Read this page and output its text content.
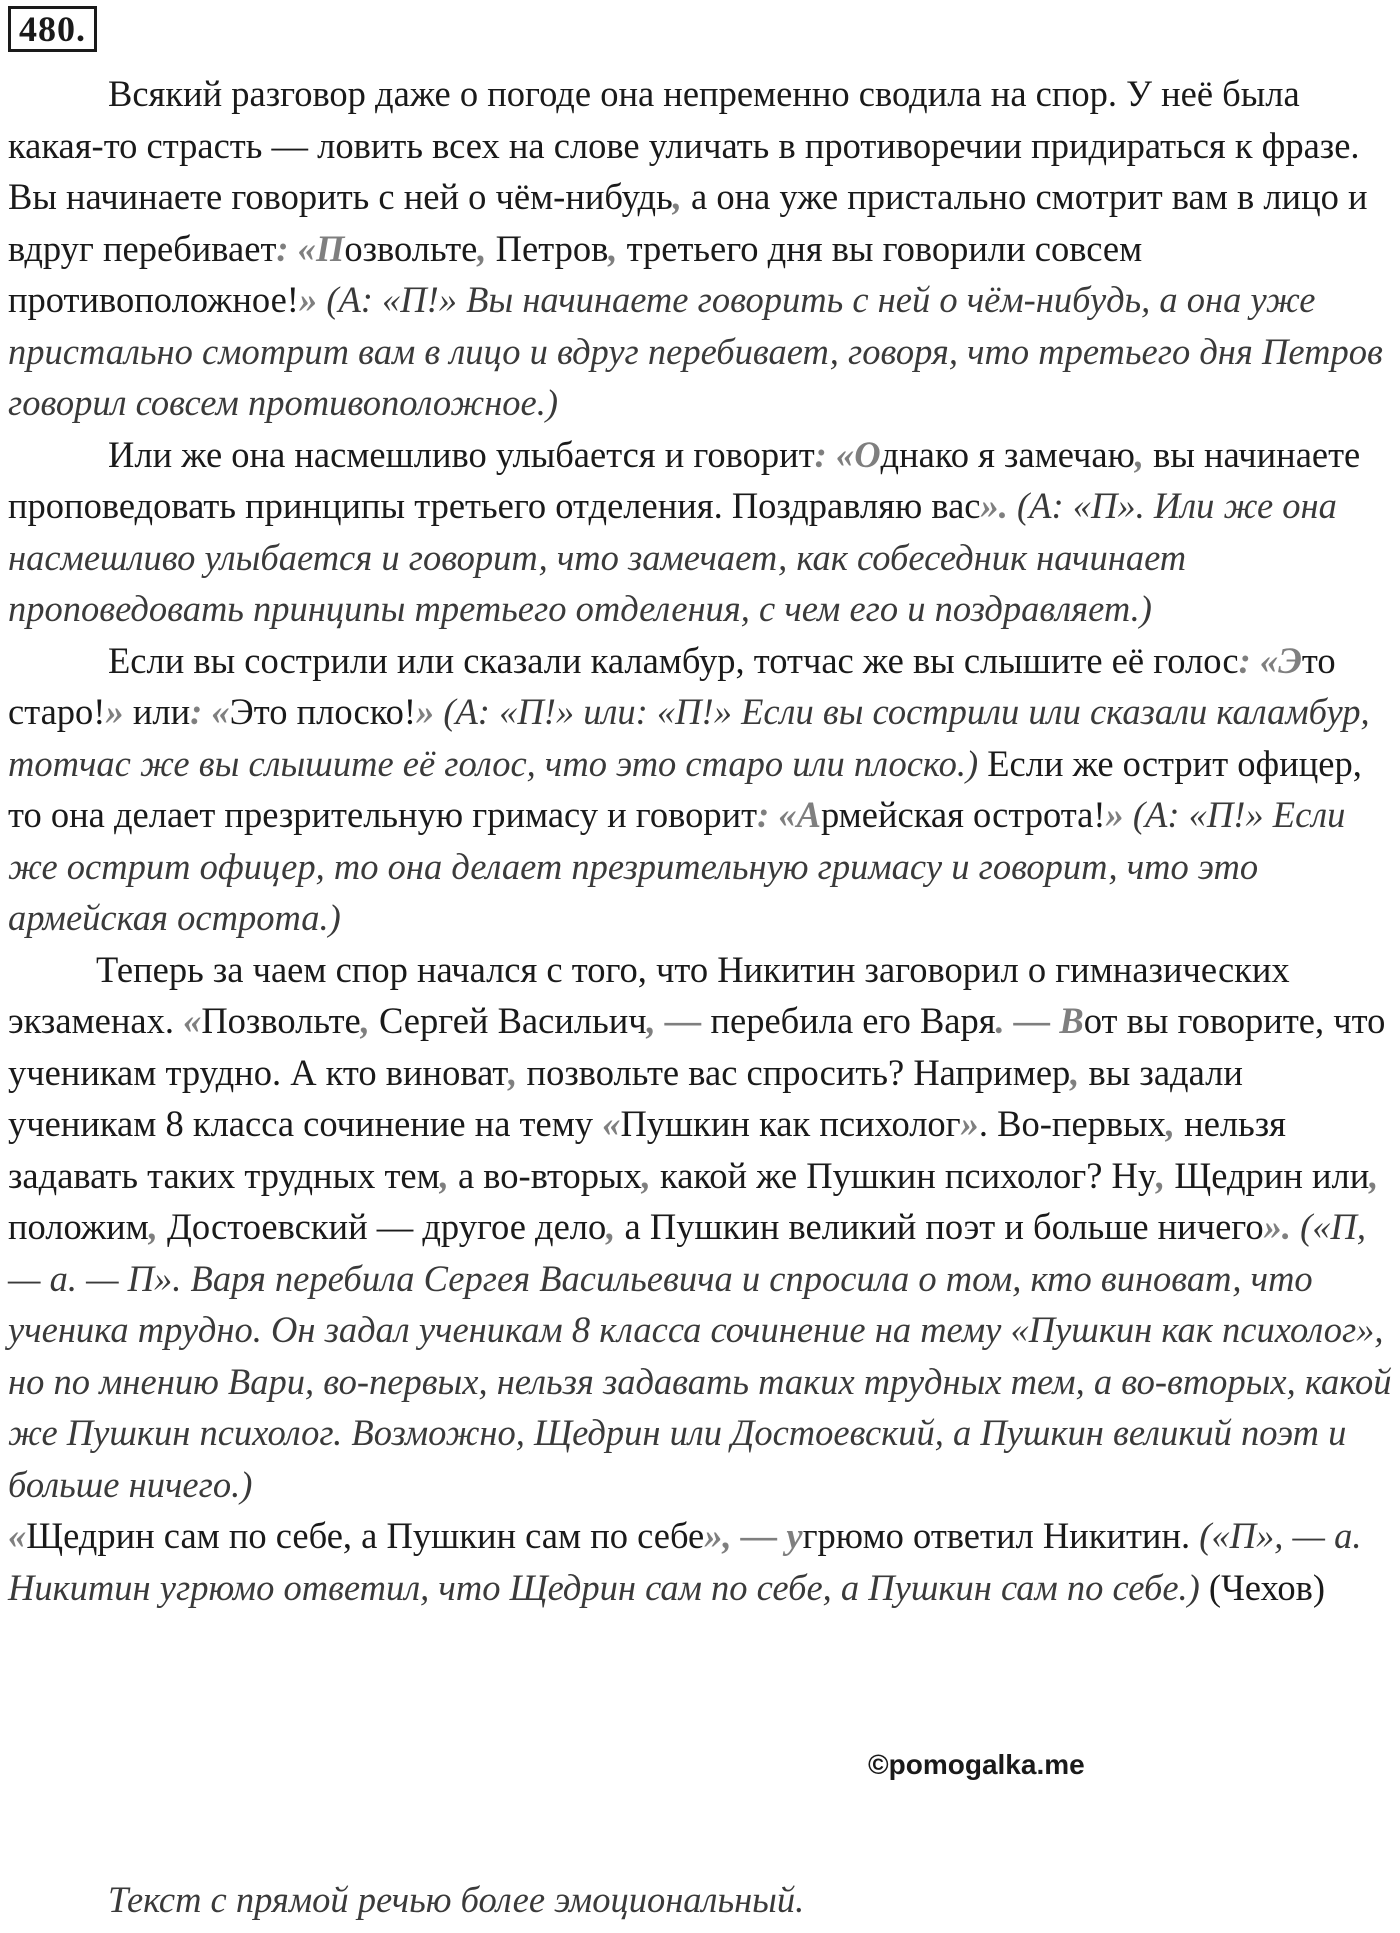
480.

Всякий разговор даже о погоде она непременно сводила на спор. У неё была какая-то страсть — ловить всех на слове уличать в противоречии придираться к фразе. Вы начинаете говорить с ней о чём-нибудь, а она уже пристально смотрит вам в лицо и вдруг перебивает: «Позвольте, Петров, третьего дня вы говорили совсем противоположное!» (А: «П!» Вы начинаете говорить с ней о чём-нибудь, а она уже пристально смотрит вам в лицо и вдруг перебивает, говоря, что третьего дня Петров говорил совсем противоположное.)

Или же она насмешливо улыбается и говорит: «Однако я замечаю, вы начинаете проповедовать принципы третьего отделения. Поздравляю вас». (А: «П». Или же она насмешливо улыбается и говорит, что замечает, как собеседник начинает проповедовать принципы третьего отделения, с чем его и поздравляет.)

Если вы сострили или сказали каламбур, тотчас же вы слышите её голос: «Это старо!» или: «Это плоско!» (А: «П!» или: «П!» Если вы сострили или сказали каламбур, тотчас же вы слышите её голос, что это старо или плоско.) Если же острит офицер, то она делает презрительную гримасу и говорит: «Армейская острота!» (А: «П!» Если же острит офицер, то она делает презрительную гримасу и говорит, что это армейская острота.)

Теперь за чаем спор начался с того, что Никитин заговорил о гимназических экзаменах. «Позвольте, Сергей Васильич, — перебила его Варя. — Вот вы говорите, что ученикам трудно. А кто виноват, позвольте вас спросить? Например, вы задали ученикам 8 класса сочинение на тему «Пушкин как психолог». Во-первых, нельзя задавать таких трудных тем, а во-вторых, какой же Пушкин психолог? Ну, Щедрин или, положим, Достоевский — другое дело, а Пушкин великий поэт и больше ничего». («П, — а. — П». Варя перебила Сергея Васильевича и спросила о том, кто виноват, что ученика трудно. Он задал ученикам 8 класса сочинение на тему «Пушкин как психолог», но по мнению Вари, во-первых, нельзя задавать таких трудных тем, а во-вторых, какой же Пушкин психолог. Возможно, Щедрин или Достоевский, а Пушкин великий поэт и больше ничего.)

«Щедрин сам по себе, а Пушкин сам по себе», — угрюмо ответил Никитин. («П», — а. Никитин угрюмо ответил, что Щедрин сам по себе, а Пушкин сам по себе.) (Чехов)

©pomogalka.me
Текст с прямой речью более эмоциональный.
